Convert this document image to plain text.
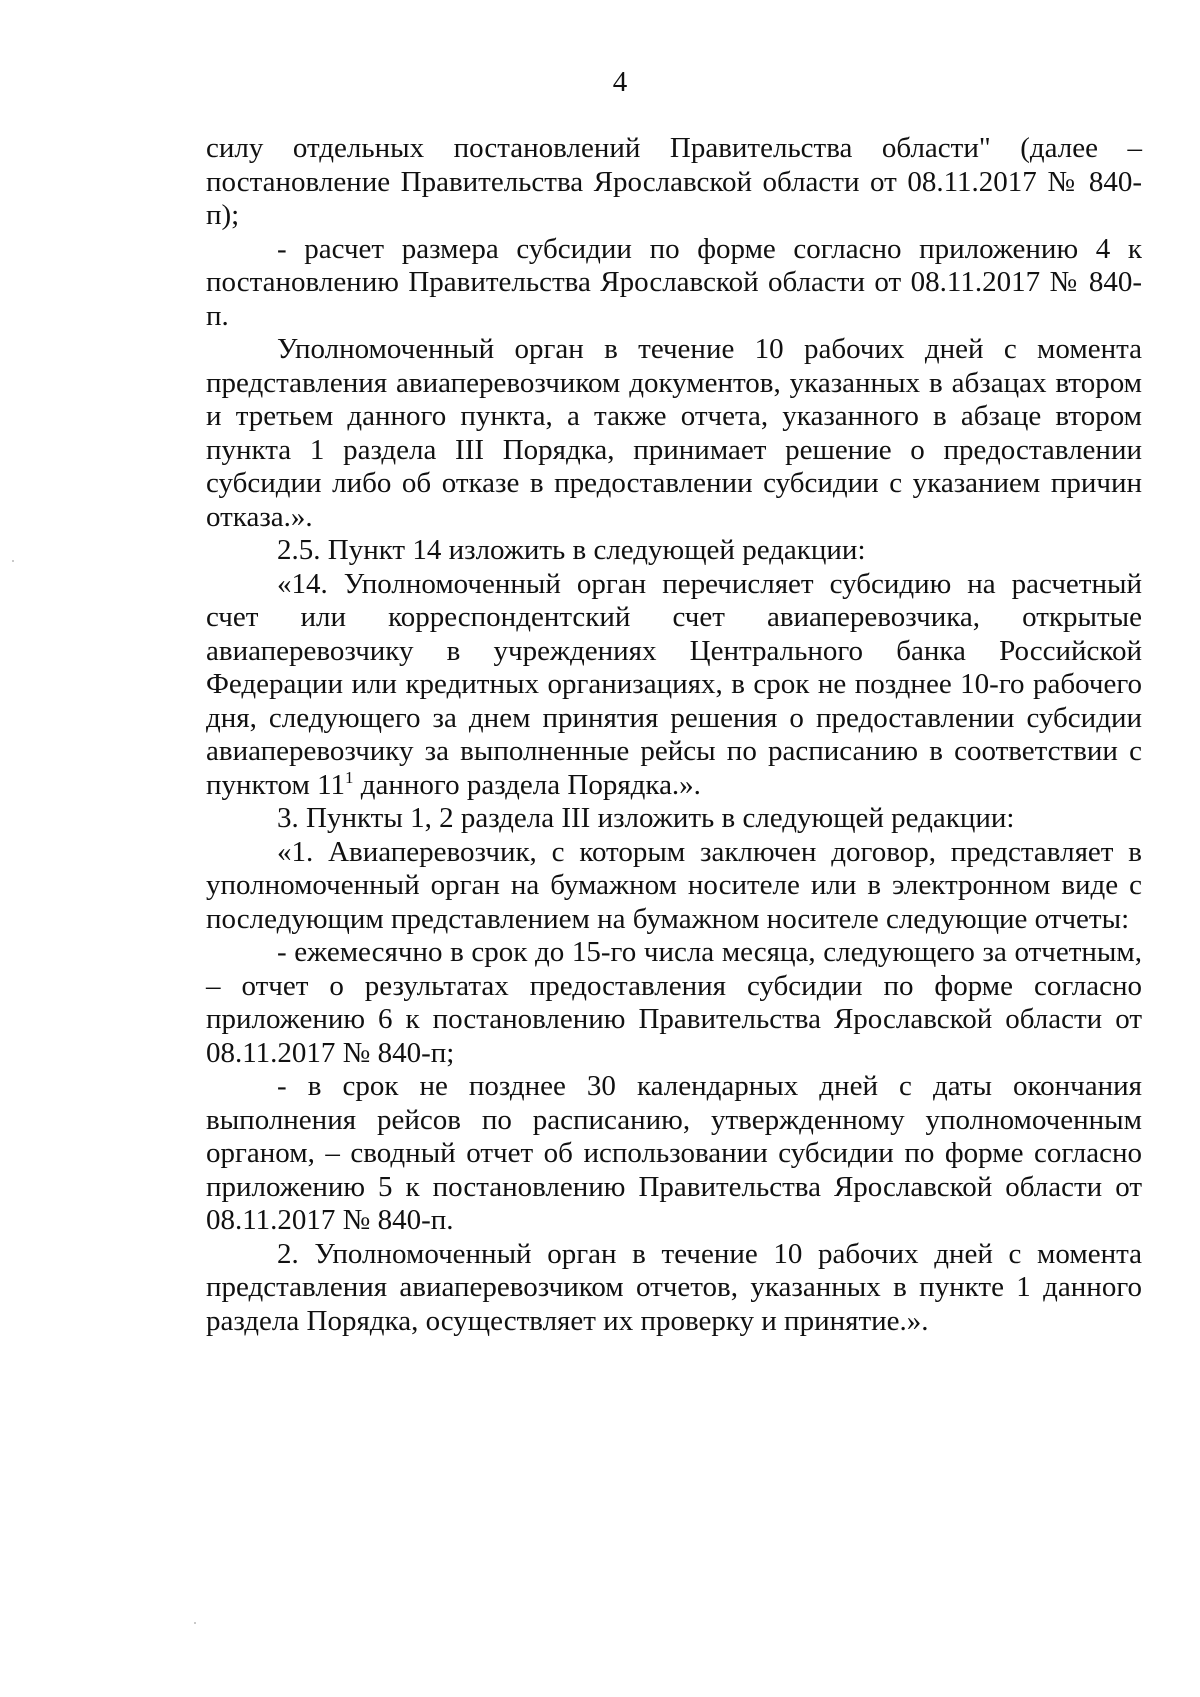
4

силу отдельных постановлений Правительства области" (далее – постановление Правительства Ярославской области от 08.11.2017 № 840-п);

- расчет размера субсидии по форме согласно приложению 4 к постановлению Правительства Ярославской области от 08.11.2017 № 840-п.

Уполномоченный орган в течение 10 рабочих дней с момента представления авиаперевозчиком документов, указанных в абзацах втором и третьем данного пункта, а также отчета, указанного в абзаце втором пункта 1 раздела III Порядка, принимает решение о предоставлении субсидии либо об отказе в предоставлении субсидии с указанием причин отказа.».

2.5. Пункт 14 изложить в следующей редакции:

«14. Уполномоченный орган перечисляет субсидию на расчетный счет или корреспондентский счет авиаперевозчика, открытые авиаперевозчику в учреждениях Центрального банка Российской Федерации или кредитных организациях, в срок не позднее 10-го рабочего дня, следующего за днем принятия решения о предоставлении субсидии авиаперевозчику за выполненные рейсы по расписанию в соответствии с пунктом $11^1$ данного раздела Порядка.».

3. Пункты 1, 2 раздела III изложить в следующей редакции:

«1. Авиаперевозчик, с которым заключен договор, представляет в уполномоченный орган на бумажном носителе или в электронном виде с последующим представлением на бумажном носителе следующие отчеты:

- ежемесячно в срок до 15-го числа месяца, следующего за отчетным, – отчет о результатах предоставления субсидии по форме согласно приложению 6 к постановлению Правительства Ярославской области от 08.11.2017 № 840-п;

- в срок не позднее 30 календарных дней с даты окончания выполнения рейсов по расписанию, утвержденному уполномоченным органом, – сводный отчет об использовании субсидии по форме согласно приложению 5 к постановлению Правительства Ярославской области от 08.11.2017 № 840-п.

2. Уполномоченный орган в течение 10 рабочих дней с момента представления авиаперевозчиком отчетов, указанных в пункте 1 данного раздела Порядка, осуществляет их проверку и принятие.».
